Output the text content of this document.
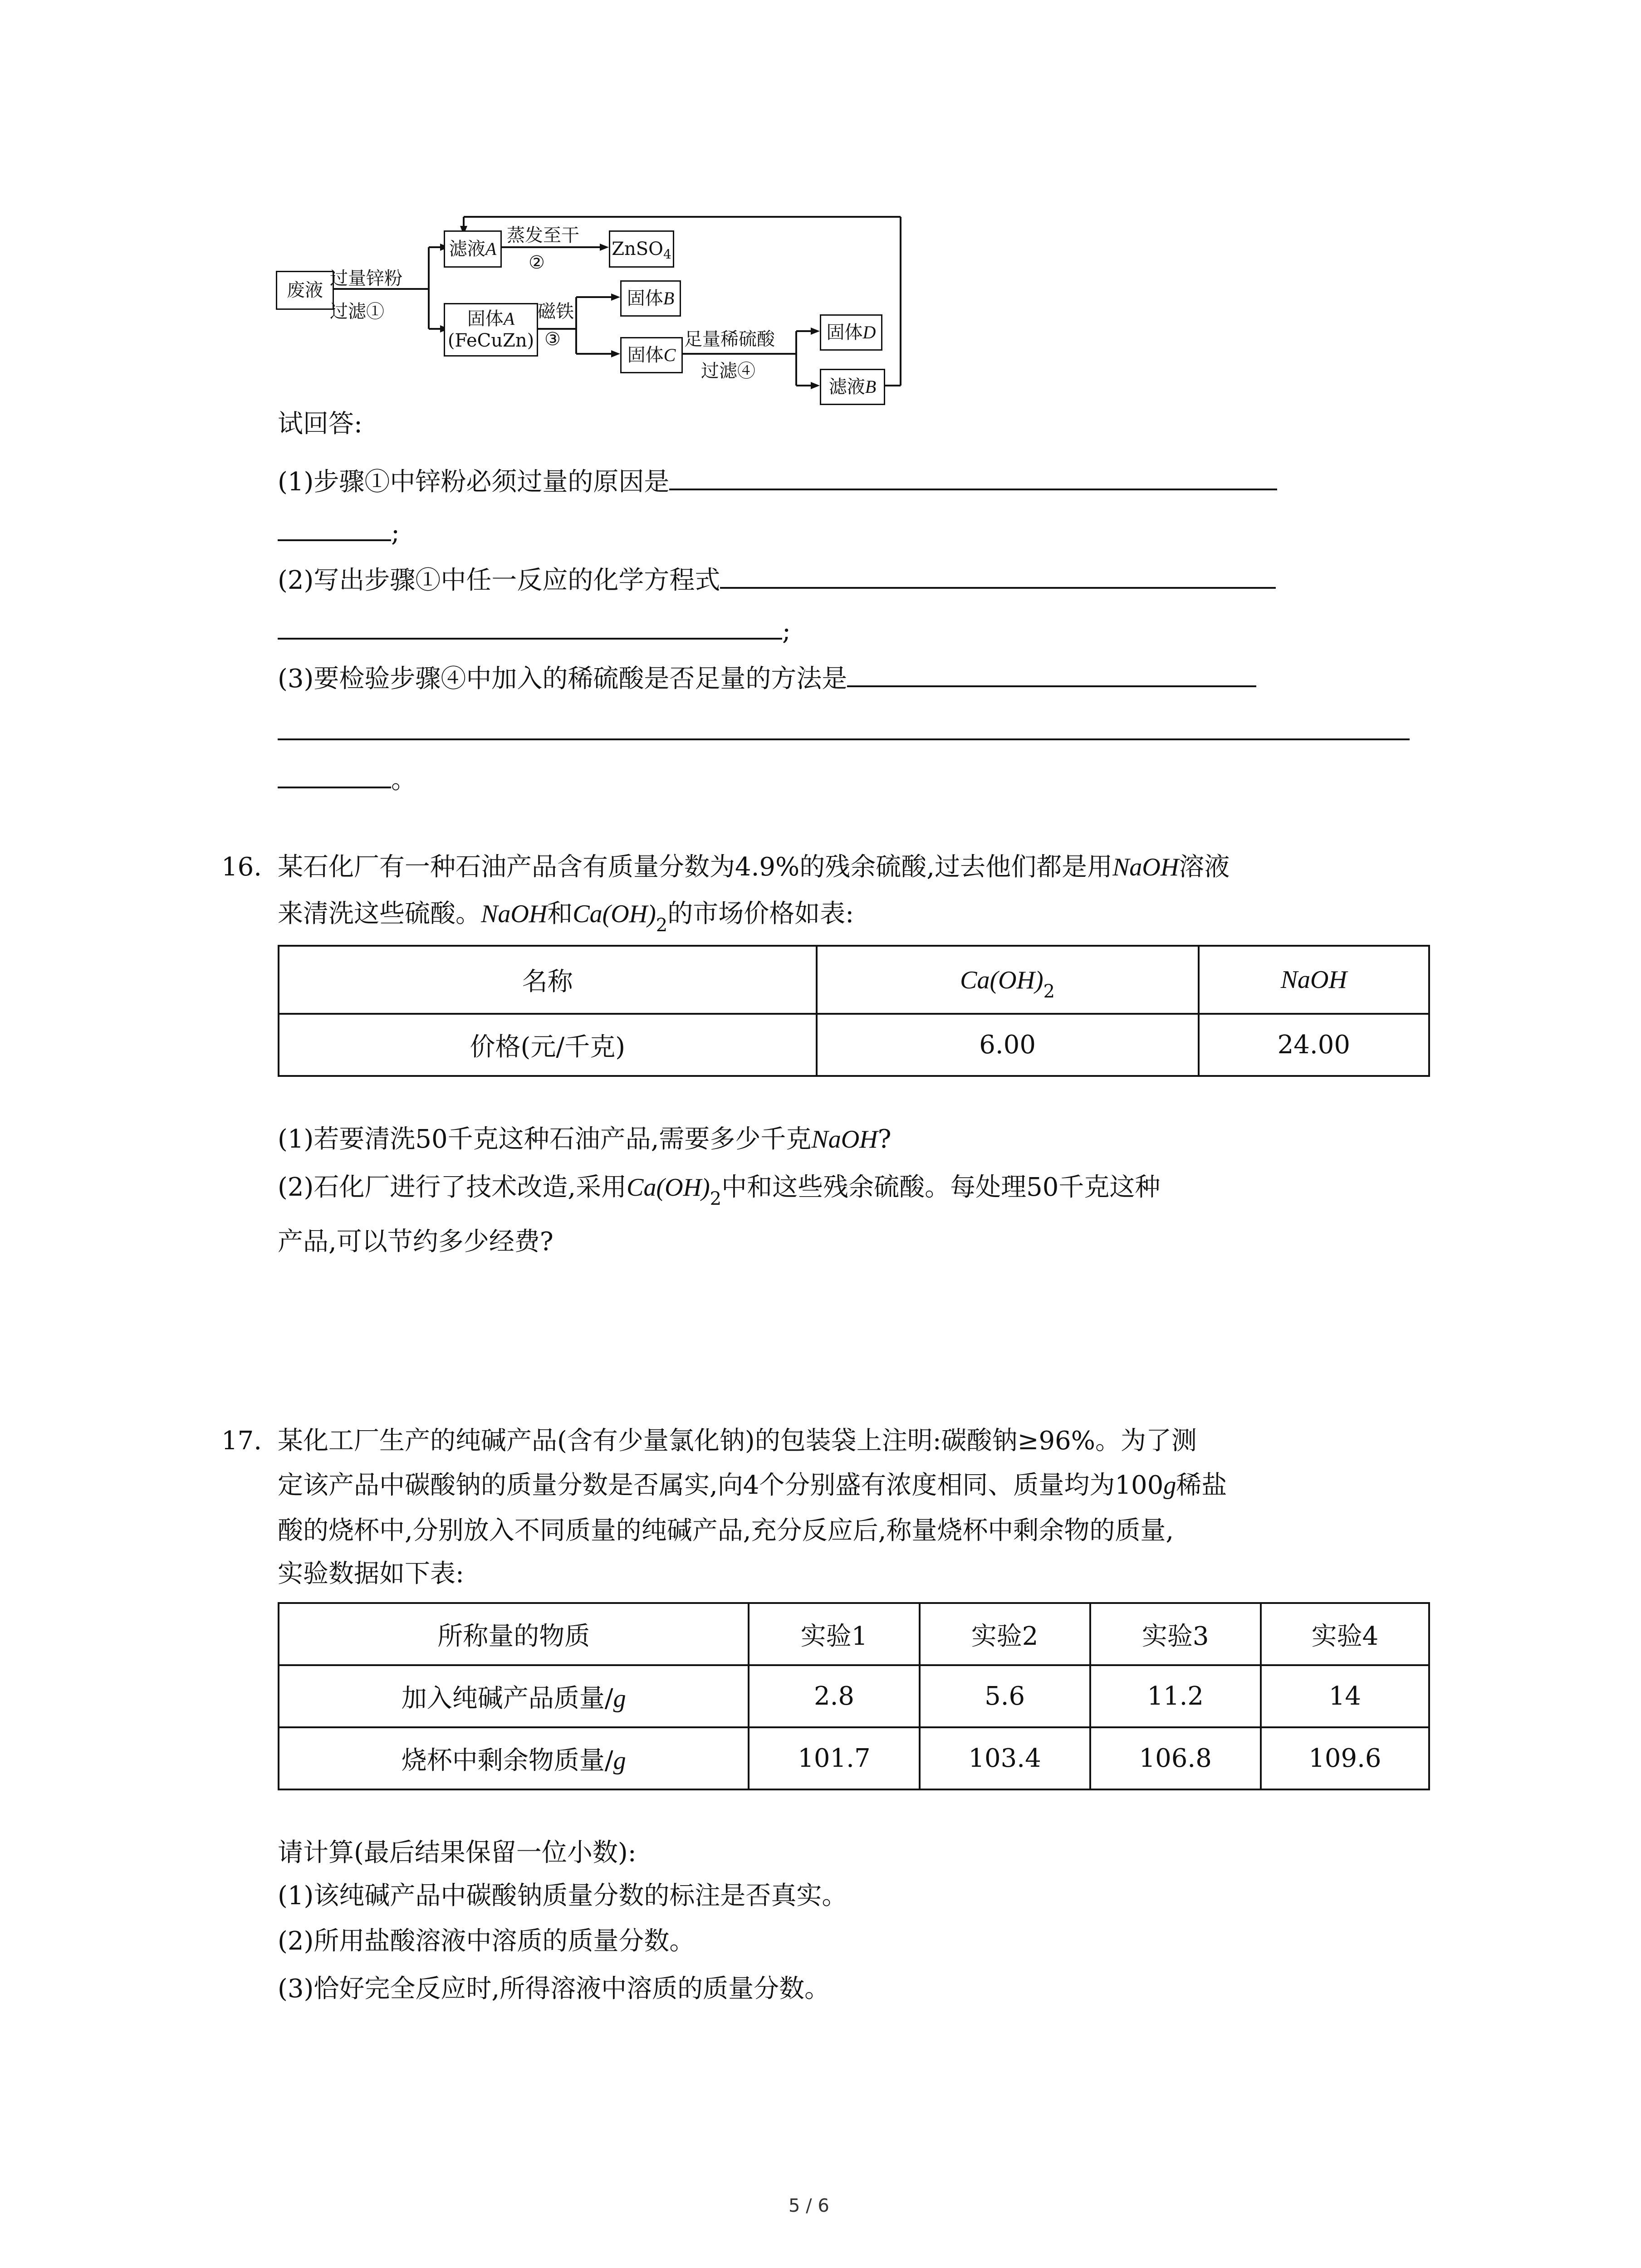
废液
过量锌粉
过滤①
滤液A
蒸发至干
②
ZnSO$_4$
固体A
(FeCuZn)
磁铁
③
固体B
固体C
足量稀硫酸
过滤④
固体D
滤液B
试回答:
(1)步骤①中锌粉必须过量的原因是
;
(2)写出步骤①中任一反应的化学方程式
;
(3)要检验步骤④中加入的稀硫酸是否足量的方法是
。
16. 某石化厂有一种石油产品含有质量分数为4.9%的残余硫酸,过去他们都是用NaOH溶液
来清洗这些硫酸。NaOH和$Ca(OH)_2$的市场价格如表:
名称	$Ca(OH)_2$	NaOH
价格(元/千克)	6.00	24.00
(1)若要清洗50千克这种石油产品,需要多少千克NaOH?
(2)石化厂进行了技术改造,采用$Ca(OH)_2$中和这些残余硫酸。每处理50千克这种
产品,可以节约多少经费?
17. 某化工厂生产的纯碱产品(含有少量氯化钠)的包装袋上注明:碳酸钠≥96%。为了测
定该产品中碳酸钠的质量分数是否属实,向4个分别盛有浓度相同、质量均为100g稀盐
酸的烧杯中,分别放入不同质量的纯碱产品,充分反应后,称量烧杯中剩余物的质量,
实验数据如下表:
所称量的物质	实验1	实验2	实验3	实验4
加入纯碱产品质量/g	2.8	5.6	11.2	14
烧杯中剩余物质量/g	101.7	103.4	106.8	109.6
请计算(最后结果保留一位小数):
(1)该纯碱产品中碳酸钠质量分数的标注是否真实。
(2)所用盐酸溶液中溶质的质量分数。
(3)恰好完全反应时,所得溶液中溶质的质量分数。
5 / 6
